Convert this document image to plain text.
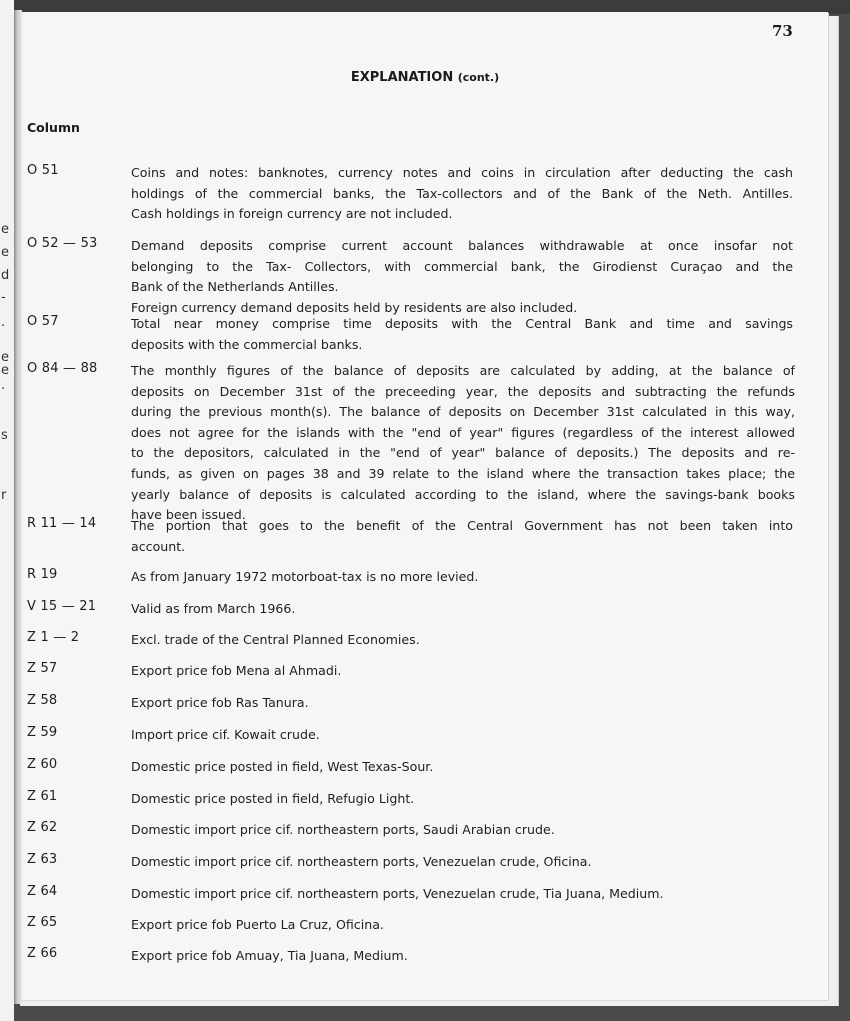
e
e
d
-
.
e
e
.
s
r
73
EXPLANATION (cont.)
Column
O 51	Coins and notes: banknotes, currency notes and coins in circulation after deducting the cash
holdings of the commercial banks, the Tax-collectors and of the Bank of the Neth. Antilles.
Cash holdings in foreign currency are not included.
O 52 — 53	Demand deposits comprise current account balances withdrawable at once insofar not
belonging to the Tax- Collectors, with commercial bank, the Girodienst Curaçao and the
Bank of the Netherlands Antilles.
Foreign currency demand deposits held by residents are also included.
O 57	Total near money comprise time deposits with the Central Bank and time and savings
deposits with the commercial banks.
O 84 — 88	The monthly figures of the balance of deposits are calculated by adding, at the balance of
deposits on December 31st of the preceeding year, the deposits and subtracting the refunds
during the previous month(s). The balance of deposits on December 31st calculated in this way,
does not agree for the islands with the "end of year" figures (regardless of the interest allowed
to the depositors, calculated in the "end of year" balance of deposits.) The deposits and re-
funds, as given on pages 38 and 39 relate to the island where the transaction takes place; the
yearly balance of deposits is calculated according to the island, where the savings-bank books
have been issued.
R 11 — 14	The portion that goes to the benefit of the Central Government has not been taken into
account.
R 19	As from January 1972 motorboat-tax is no more levied.
V 15 — 21	Valid as from March 1966.
Z 1 — 2	Excl. trade of the Central Planned Economies.
Z 57	Export price fob Mena al Ahmadi.
Z 58	Export price fob Ras Tanura.
Z 59	Import price cif. Kowait crude.
Z 60	Domestic price posted in field, West Texas-Sour.
Z 61	Domestic price posted in field, Refugio Light.
Z 62	Domestic import price cif. northeastern ports, Saudi Arabian crude.
Z 63	Domestic import price cif. northeastern ports, Venezuelan crude, Oficina.
Z 64	Domestic import price cif. northeastern ports, Venezuelan crude, Tia Juana, Medium.
Z 65	Export price fob Puerto La Cruz, Oficina.
Z 66	Export price fob Amuay, Tia Juana, Medium.
